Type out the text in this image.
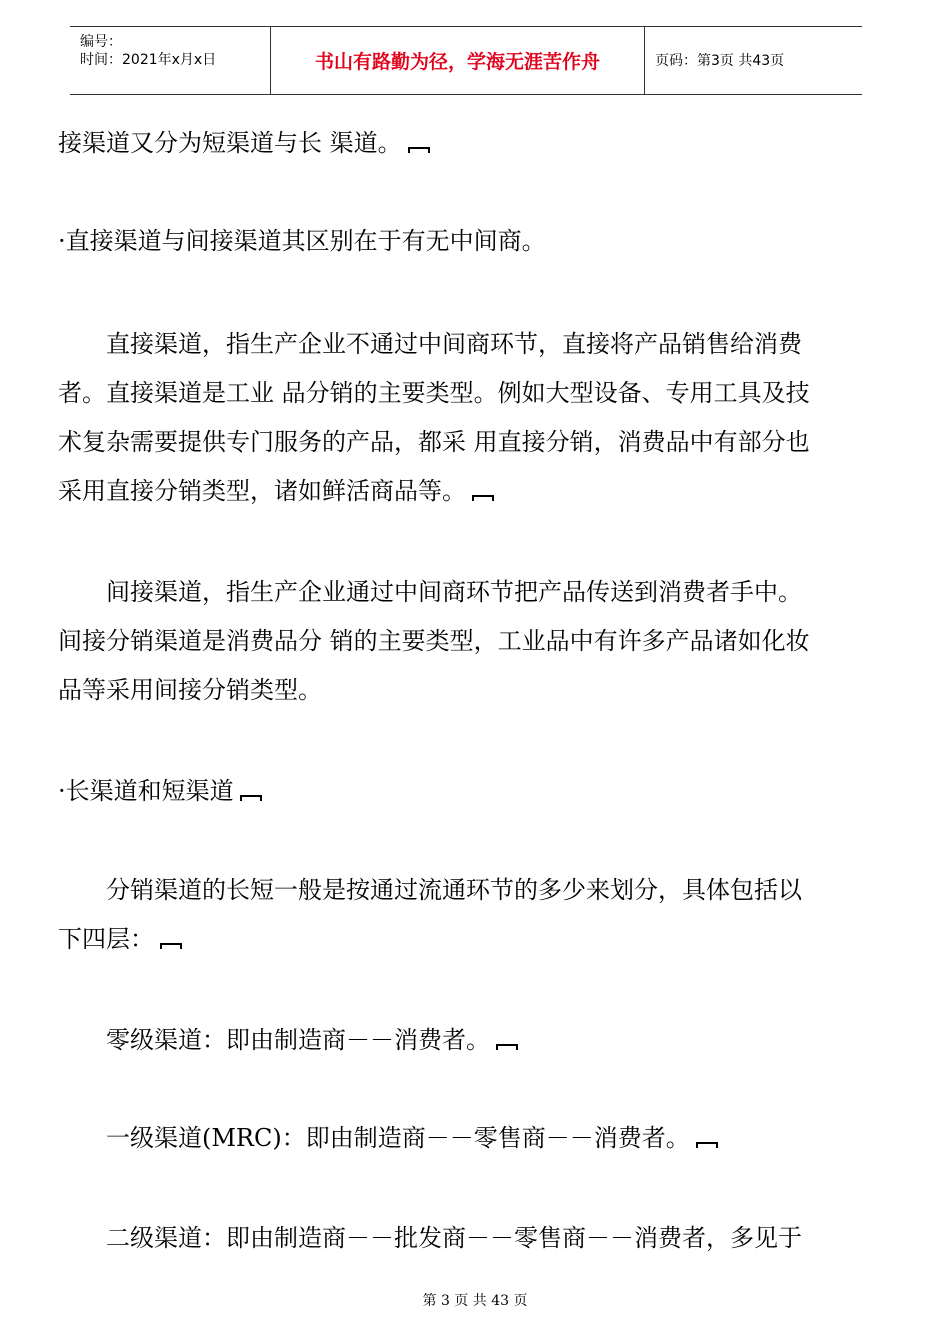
编号：
时间：2021年x月x日	书山有路勤为径，学海无涯苦作舟	页码：第3页 共43页
接渠道又分为短渠道与长 渠道。
·直接渠道与间接渠道其区别在于有无中间商。
　　直接渠道，指生产企业不通过中间商环节，直接将产品销售给消费
者。直接渠道是工业 品分销的主要类型。例如大型设备、专用工具及技
术复杂需要提供专门服务的产品，都采 用直接分销，消费品中有部分也
采用直接分销类型，诸如鲜活商品等。
　　间接渠道，指生产企业通过中间商环节把产品传送到消费者手中。
间接分销渠道是消费品分 销的主要类型，工业品中有许多产品诸如化妆
品等采用间接分销类型。
·长渠道和短渠道
　　分销渠道的长短一般是按通过流通环节的多少来划分，具体包括以
下四层：
　　零级渠道：即由制造商－－消费者。
　　一级渠道(MRC)：即由制造商－－零售商－－消费者。
　　二级渠道：即由制造商－－批发商－－零售商－－消费者，多见于
第 3 页 共 43 页
